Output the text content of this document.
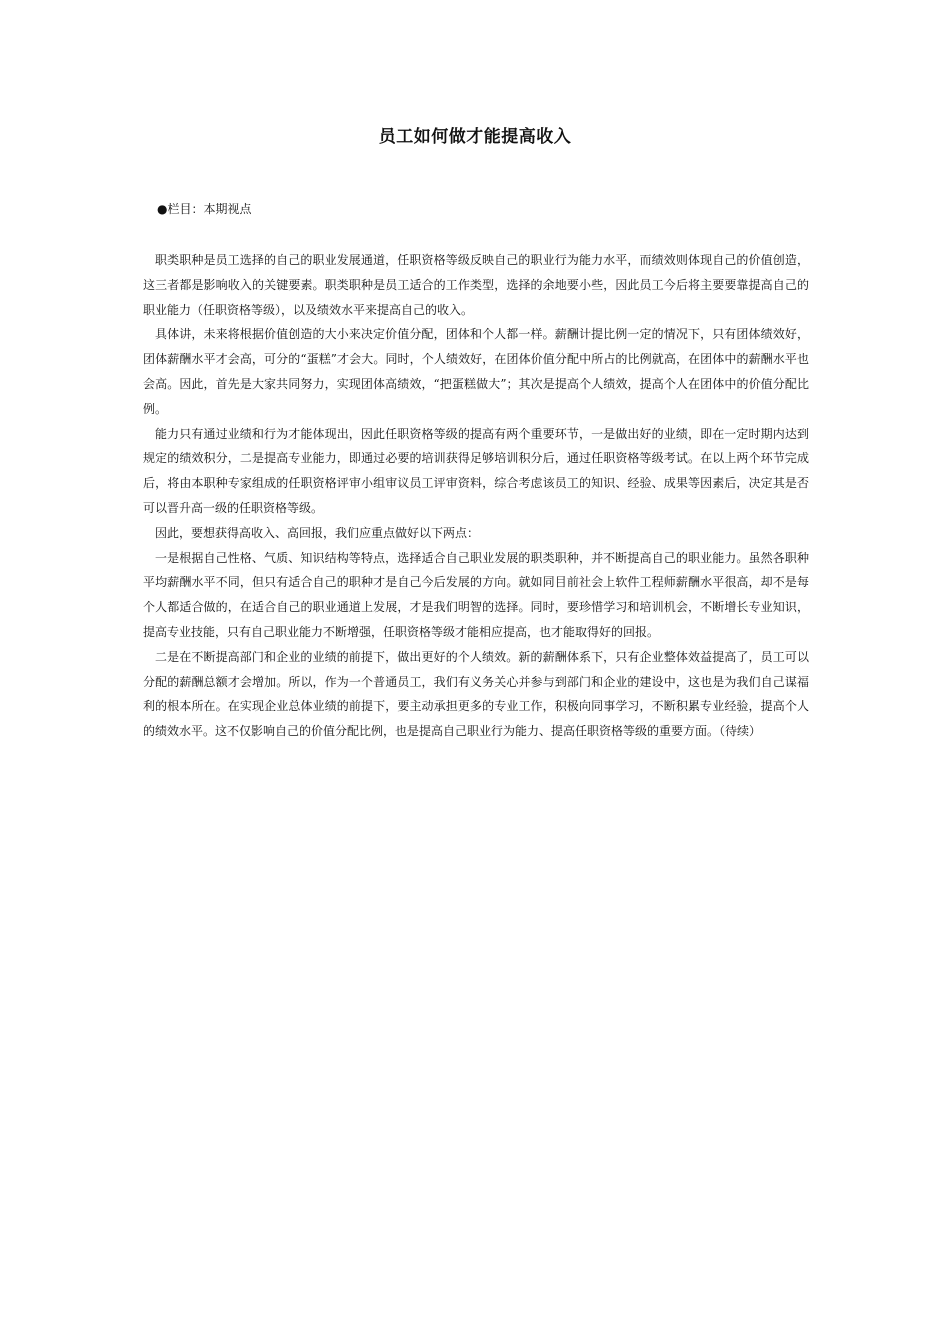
员工如何做才能提高收入
●栏目：本期视点

职类职种是员工选择的自己的职业发展通道，任职资格等级反映自己的职业行为能力水平，而绩效则体现自己的价值创造，这三者都是影响收入的关键要素。职类职种是员工适合的工作类型，选择的余地要小些，因此员工今后将主要要靠提高自己的职业能力（任职资格等级），以及绩效水平来提高自己的收入。

具体讲，未来将根据价值创造的大小来决定价值分配，团体和个人都一样。薪酬计提比例一定的情况下，只有团体绩效好，团体薪酬水平才会高，可分的“蛋糕”才会大。同时，个人绩效好，在团体价值分配中所占的比例就高，在团体中的薪酬水平也会高。因此，首先是大家共同努力，实现团体高绩效，“把蛋糕做大”；其次是提高个人绩效，提高个人在团体中的价值分配比例。

能力只有通过业绩和行为才能体现出，因此任职资格等级的提高有两个重要环节，一是做出好的业绩，即在一定时期内达到规定的绩效积分，二是提高专业能力，即通过必要的培训获得足够培训积分后，通过任职资格等级考试。在以上两个环节完成后，将由本职种专家组成的任职资格评审小组审议员工评审资料，综合考虑该员工的知识、经验、成果等因素后，决定其是否可以晋升高一级的任职资格等级。

因此，要想获得高收入、高回报，我们应重点做好以下两点：

一是根据自己性格、气质、知识结构等特点，选择适合自己职业发展的职类职种，并不断提高自己的职业能力。虽然各职种平均薪酬水平不同，但只有适合自己的职种才是自己今后发展的方向。就如同目前社会上软件工程师薪酬水平很高，却不是每个人都适合做的，在适合自己的职业通道上发展，才是我们明智的选择。同时，要珍惜学习和培训机会，不断增长专业知识，提高专业技能，只有自己职业能力不断增强，任职资格等级才能相应提高，也才能取得好的回报。

二是在不断提高部门和企业的业绩的前提下，做出更好的个人绩效。新的薪酬体系下，只有企业整体效益提高了，员工可以分配的薪酬总额才会增加。所以，作为一个普通员工，我们有义务关心并参与到部门和企业的建设中，这也是为我们自己谋福利的根本所在。在实现企业总体业绩的前提下，要主动承担更多的专业工作，积极向同事学习，不断积累专业经验，提高个人的绩效水平。这不仅影响自己的价值分配比例，也是提高自己职业行为能力、提高任职资格等级的重要方面。（待续）
